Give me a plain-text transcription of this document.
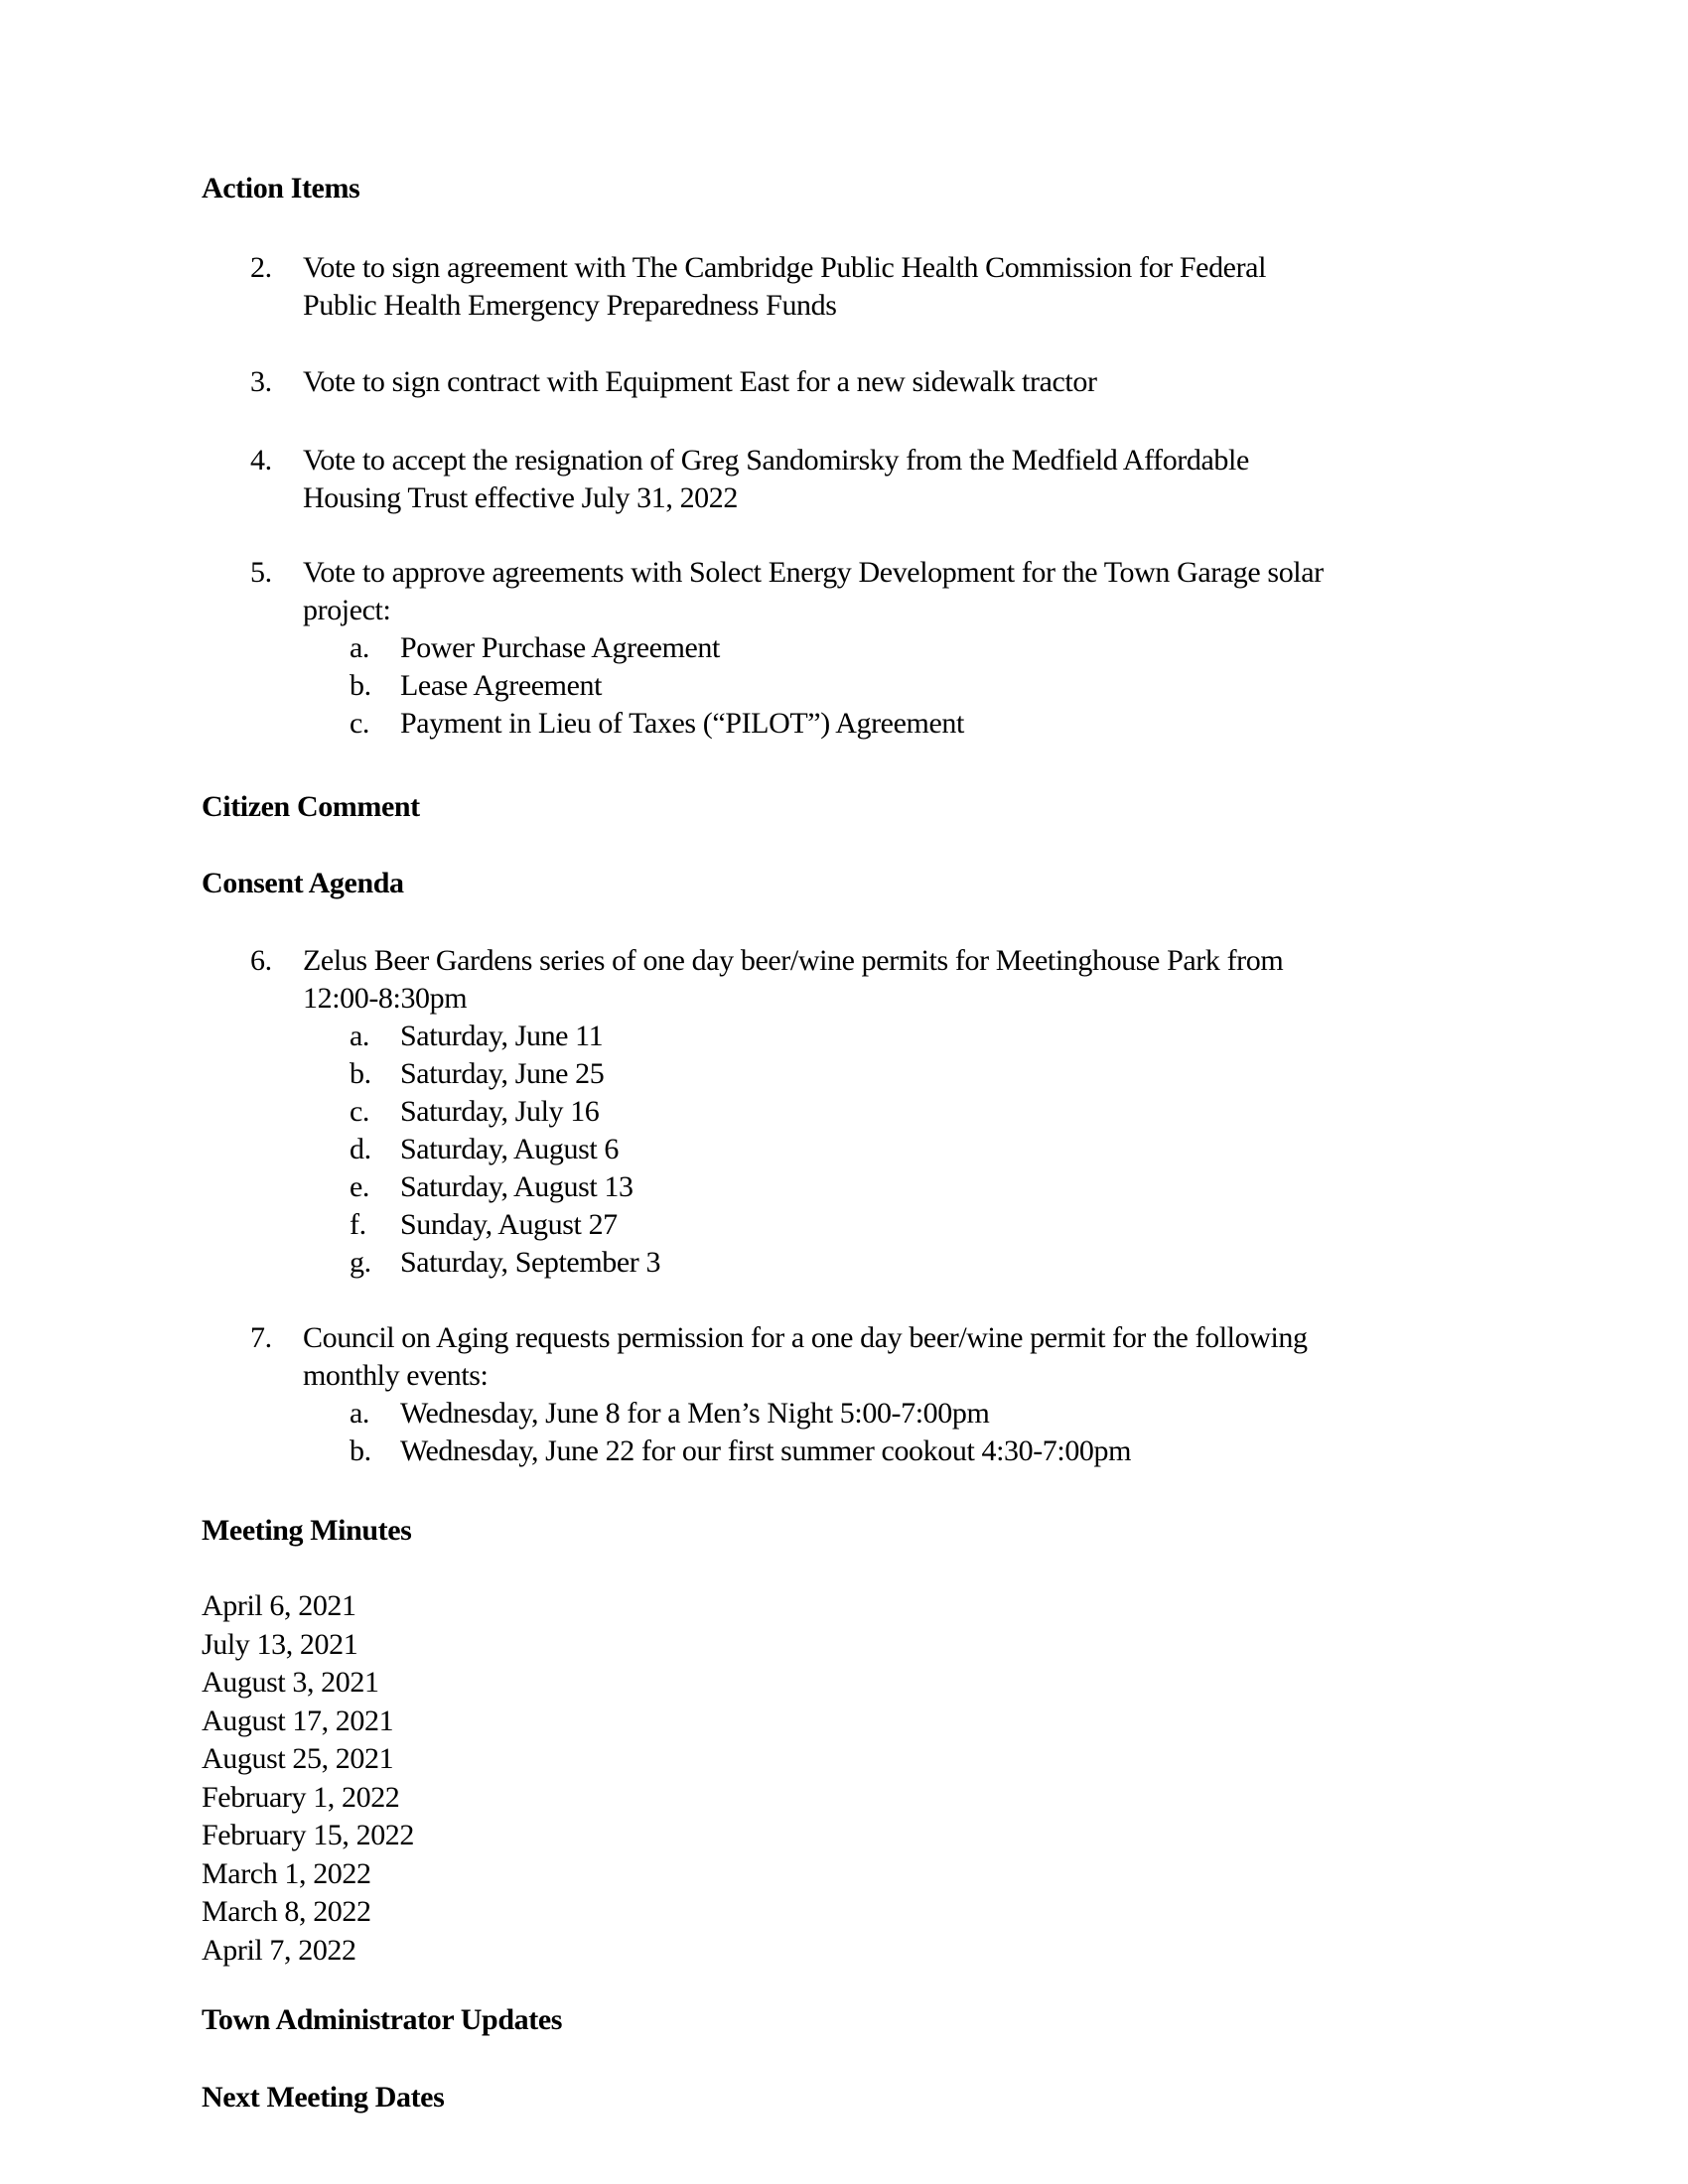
Action Items
2.	Vote to sign agreement with The Cambridge Public Health Commission for Federal
Public Health Emergency Preparedness Funds
3.	Vote to sign contract with Equipment East for a new sidewalk tractor
4.	Vote to accept the resignation of Greg Sandomirsky from the Medfield Affordable
Housing Trust effective July 31, 2022
5.	Vote to approve agreements with Solect Energy Development for the Town Garage solar
project:
a.	Power Purchase Agreement
b. Lease Agreement
c.	Payment in Lieu of Taxes (“PILOT”) Agreement
Citizen Comment
Consent Agenda
6.	Zelus Beer Gardens series of one day beer/wine permits for Meetinghouse Park from
12:00-8:30pm
a.	Saturday, June 11
b. Saturday, June 25
c.	Saturday, July 16
d. Saturday, August 6
e.	Saturday, August 13
f.	Sunday, August 27
g. Saturday, September 3
7.	Council on Aging requests permission for a one day beer/wine permit for the following
monthly events:
a.	Wednesday, June 8 for a Men’s Night 5:00-7:00pm
b. Wednesday, June 22 for our first summer cookout 4:30-7:00pm
Meeting Minutes
April 6, 2021
July 13, 2021
August 3, 2021
August 17, 2021
August 25, 2021
February 1, 2022
February 15, 2022
March 1, 2022
March 8, 2022
April 7, 2022
Town Administrator Updates
Next Meeting Dates
